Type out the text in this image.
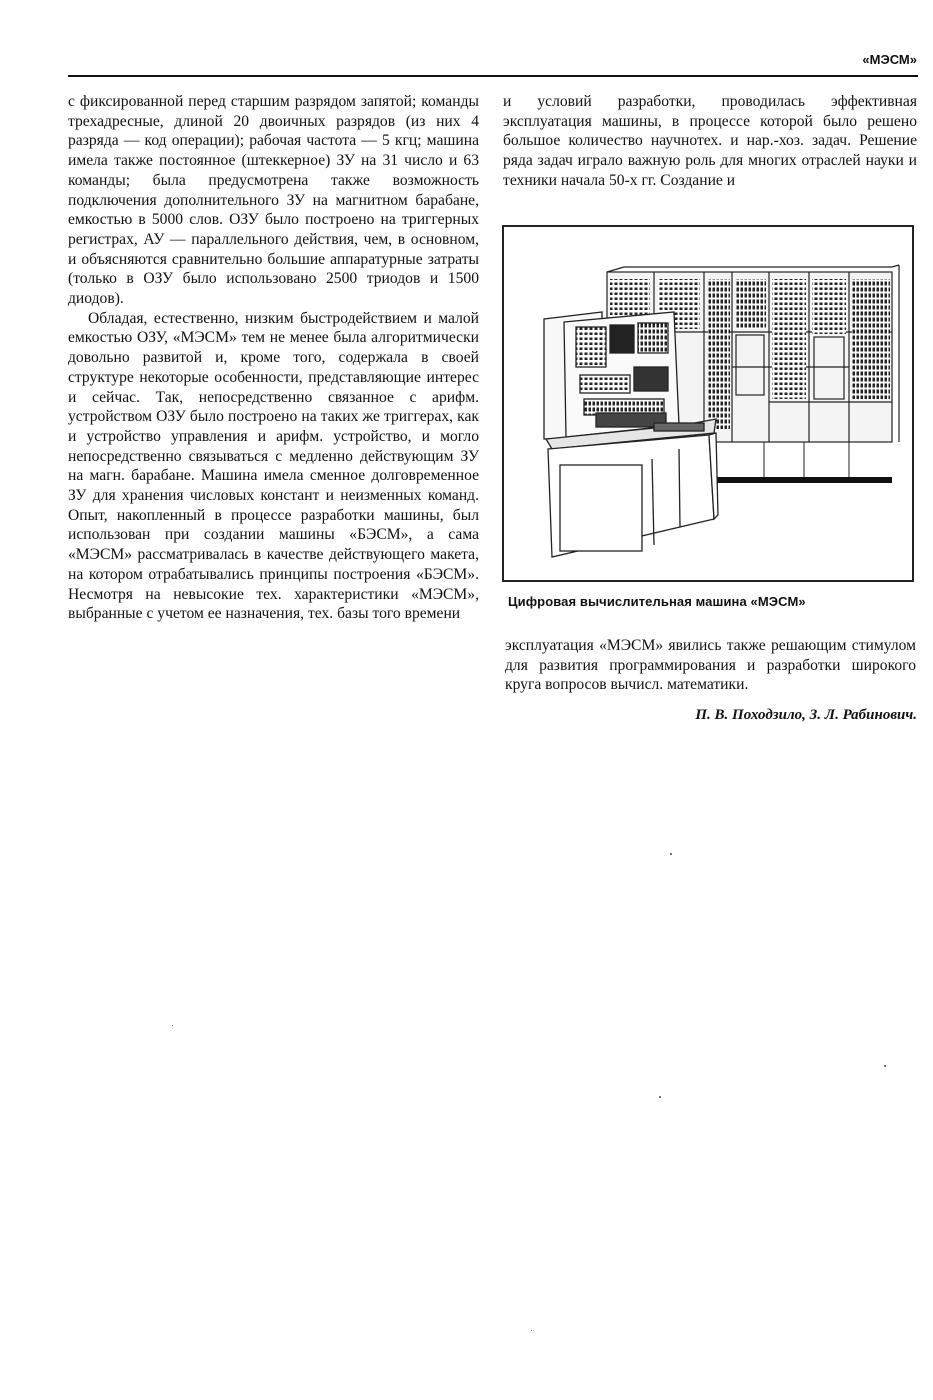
«МЭСМ»

с фиксированной перед старшим разрядом запятой; команды трехадресные, длиной 20 двоичных разрядов (из них 4 разряда — код операции); рабочая частота — 5 кгц; машина имела также постоянное (штеккерное) ЗУ на 31 число и 63 команды; была предусмотрена также возможность подключения дополнительного ЗУ на магнитном барабане, емкостью в 5000 слов. ОЗУ было построено на триггерных регистрах, АУ — параллельного действия, чем, в основном, и объясняются сравнительно большие аппаратурные затраты (только в ОЗУ было использовано 2500 триодов и 1500 диодов).

Обладая, естественно, низким быстродействием и малой емкостью ОЗУ, «МЭСМ» тем не менее была алгоритмически довольно развитой и, кроме того, содержала в своей структуре некоторые особенности, представляющие интерес и сейчас. Так, непосредственно связанное с арифм. устройством ОЗУ было построено на таких же триггерах, как и устройство управления и арифм. устройство, и могло непосредственно связываться с медленно действующим ЗУ на магн. барабане. Машина имела сменное долговременное ЗУ для хранения числовых констант и неизменных команд. Опыт, накопленный в процессе разработки машины, был использован при создании машины «БЭСМ», а сама «МЭСМ» рассматривалась в качестве действующего макета, на котором отрабатывались принципы построения «БЭСМ». Несмотря на невысокие тех. характеристики «МЭСМ», выбранные с учетом ее назначения, тех. базы того времени

и условий разработки, проводилась эффективная эксплуатация машины, в процессе которой было решено большое количество научнотех. и нар.-хоз. задач. Решение ряда задач играло важную роль для многих отраслей науки и техники начала 50-х гг. Создание и

Цифровая вычислительная машина «МЭСМ»

эксплуатация «МЭСМ» явились также решающим стимулом для развития программирования и разработки широкого круга вопросов вычисл. математики.

П. В. Походзило, З. Л. Рабинович.
